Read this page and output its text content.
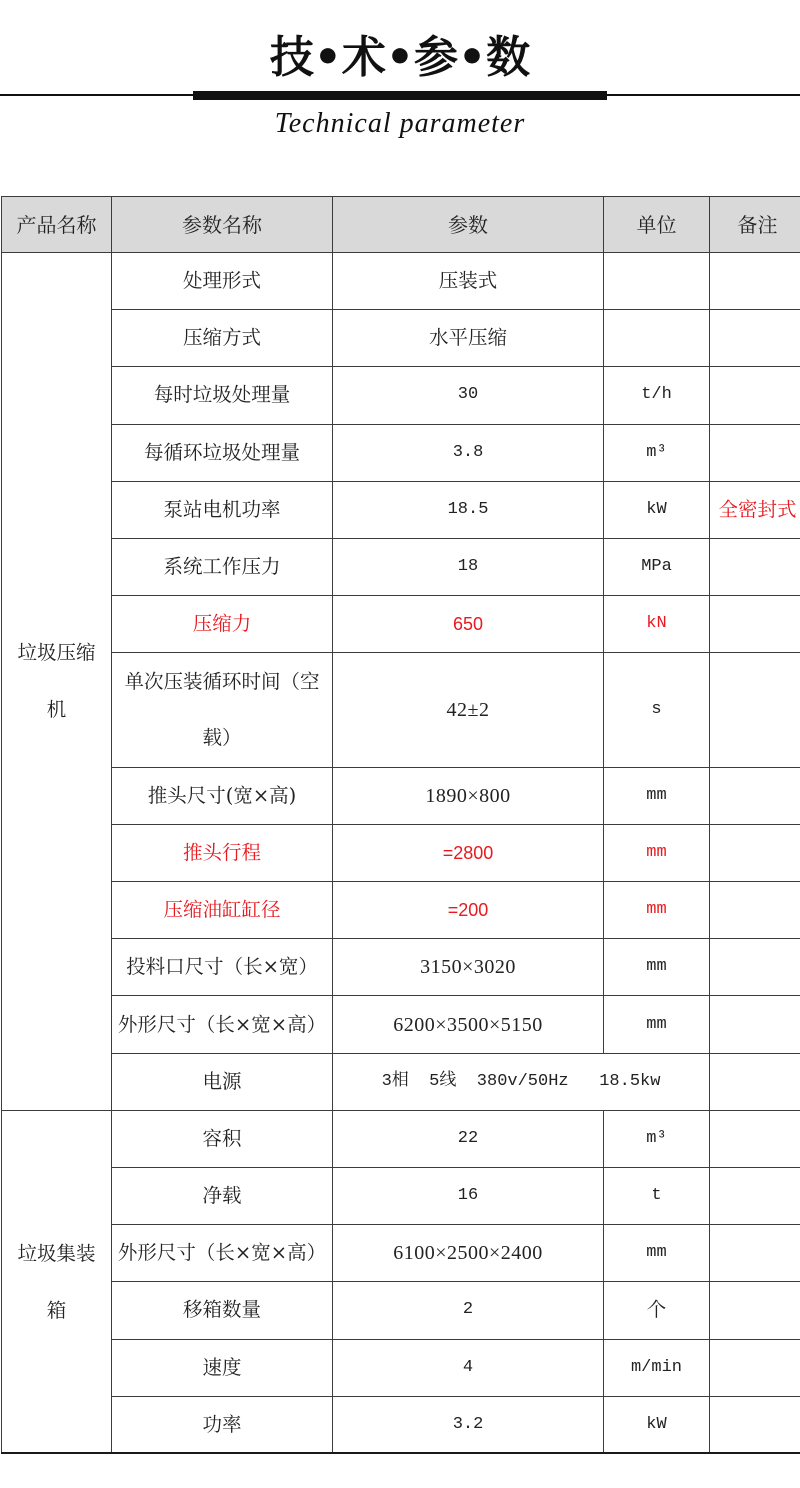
技•术•参•数

Technical parameter

产品名称	参数名称	参数	单位	备注
垃圾压缩机	处理形式	压装式		
	压缩方式	水平压缩		
	每时垃圾处理量	30	t/h	
	每循环垃圾处理量	3.8	m³	
	泵站电机功率	18.5	kW	全密封式
	系统工作压力	18	MPa	
	压缩力	650	kN	
	单次压装循环时间（空载）	42±2	s	
	推头尺寸(宽×高)	1890×800	mm	
	推头行程	=2800	mm	
	压缩油缸缸径	=200	mm	
	投料口尺寸（长×宽）	3150×3020	mm	
	外形尺寸（长×宽×高）	6200×3500×5150	mm	
	电源	3相  5线  380v/50Hz   18.5kw		
垃圾集装箱	容积	22	m³	
	净载	16	t	
	外形尺寸（长×宽×高）	6100×2500×2400	mm	
	移箱数量	2	个	
	速度	4	m/min	
	功率	3.2	kW	
